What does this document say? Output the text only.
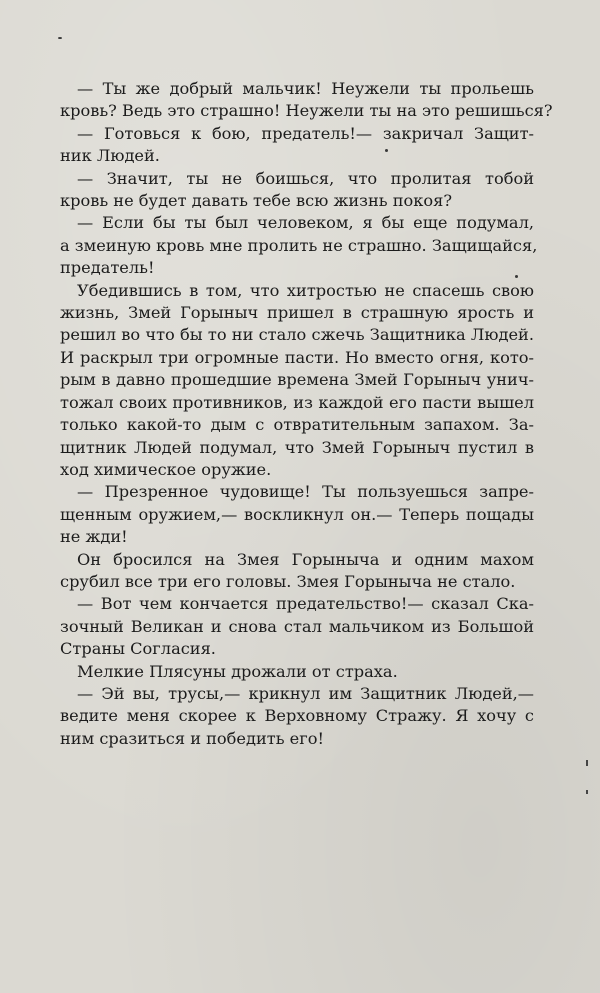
— Ты же добрый мальчик! Неужели ты прольешь
кровь? Ведь это страшно! Неужели ты на это решишься?
— Готовься к бою, предатель!— закричал Защит-
ник Людей.
— Значит, ты не боишься, что пролитая тобой
кровь не будет давать тебе всю жизнь покоя?
— Если бы ты был человеком, я бы еще подумал,
а змеиную кровь мне пролить не страшно. Защищайся,
предатель!
Убедившись в том, что хитростью не спасешь свою
жизнь, Змей Горыныч пришел в страшную ярость и
решил во что бы то ни стало сжечь Защитника Людей.
И раскрыл три огромные пасти. Но вместо огня, кото-
рым в давно прошедшие времена Змей Горыныч унич-
тожал своих противников, из каждой его пасти вышел
только какой-то дым с отвратительным запахом. За-
щитник Людей подумал, что Змей Горыныч пустил в
ход химическое оружие.
— Презренное чудовище! Ты пользуешься запре-
щенным оружием,— воскликнул он.— Теперь пощады
не жди!
Он бросился на Змея Горыныча и одним махом
срубил все три его головы. Змея Горыныча не стало.
— Вот чем кончается предательство!— сказал Ска-
зочный Великан и снова стал мальчиком из Большой
Страны Согласия.
Мелкие Плясуны дрожали от страха.
— Эй вы, трусы,— крикнул им Защитник Людей,—
ведите меня скорее к Верховному Стражу. Я хочу с
ним сразиться и победить его!
